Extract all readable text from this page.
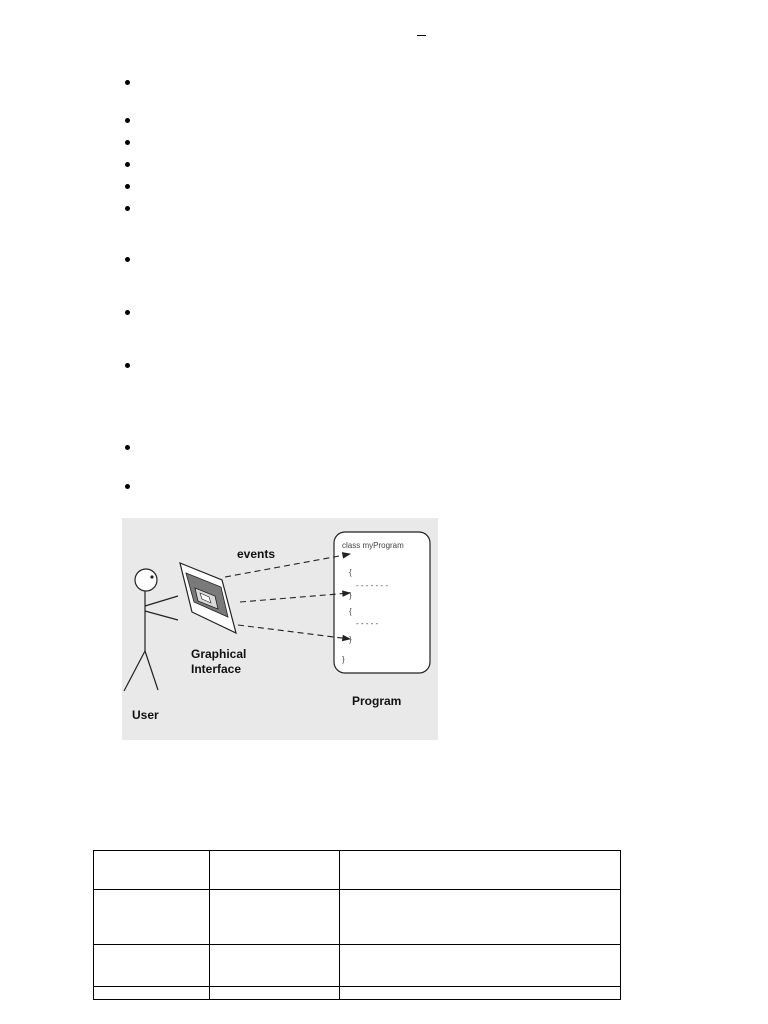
events
Graphical
Interface
User
Program
class myProgram
{
- - - - - - -
}
{
- - - - -
}
}
